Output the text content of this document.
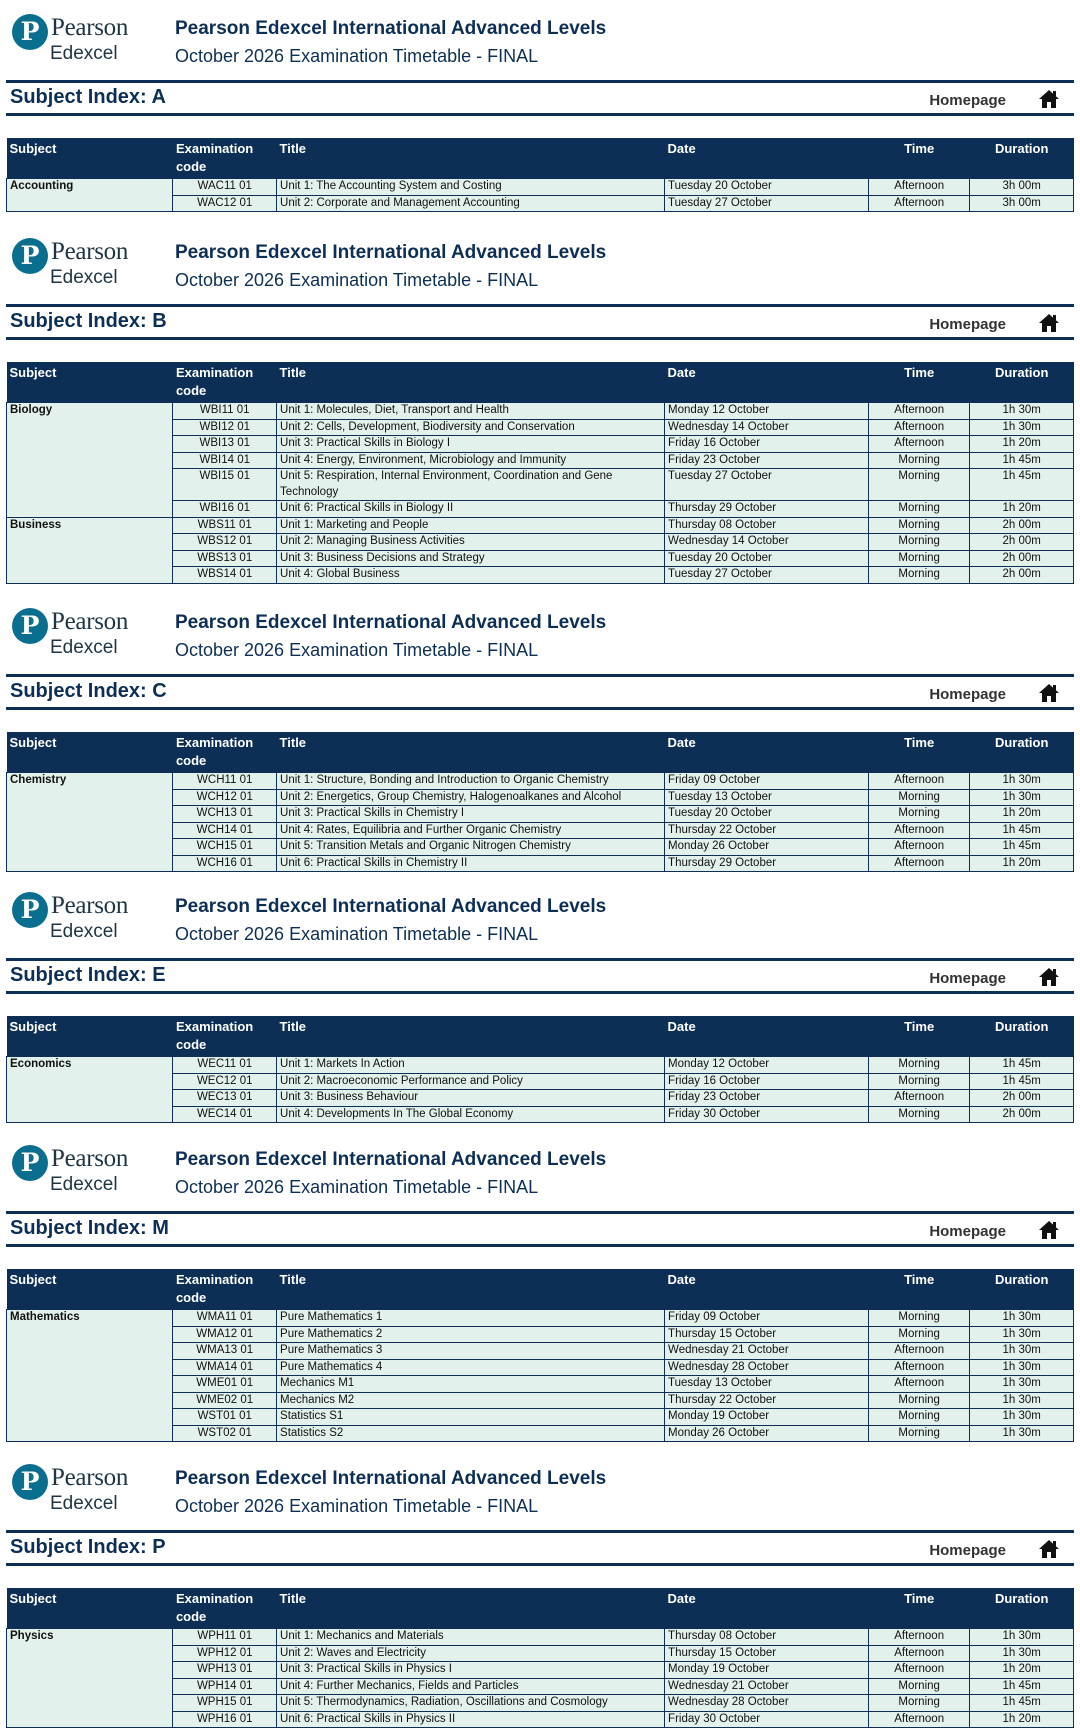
P Pearson
Edexcel
Pearson Edexcel International Advanced Levels
October 2026 Examination Timetable - FINAL
Subject Index: A	Homepage
Subject	Examination code	Title	Date	Time	Duration
Accounting	WAC11 01	Unit 1: The Accounting System and Costing	Tuesday 20 October	Afternoon	3h 00m
	WAC12 01	Unit 2: Corporate and Management Accounting	Tuesday 27 October	Afternoon	3h 00m
P Pearson
Edexcel
Pearson Edexcel International Advanced Levels
October 2026 Examination Timetable - FINAL
Subject Index: B	Homepage
Subject	Examination code	Title	Date	Time	Duration
Biology	WBI11 01	Unit 1: Molecules, Diet, Transport and Health	Monday 12 October	Afternoon	1h 30m
	WBI12 01	Unit 2: Cells, Development, Biodiversity and Conservation	Wednesday 14 October	Afternoon	1h 30m
	WBI13 01	Unit 3: Practical Skills in Biology I	Friday 16 October	Afternoon	1h 20m
	WBI14 01	Unit 4: Energy, Environment, Microbiology and Immunity	Friday 23 October	Morning	1h 45m
	WBI15 01	Unit 5: Respiration, Internal Environment, Coordination and Gene Technology	Tuesday 27 October	Morning	1h 45m
	WBI16 01	Unit 6: Practical Skills in Biology II	Thursday 29 October	Morning	1h 20m
Business	WBS11 01	Unit 1: Marketing and People	Thursday 08 October	Morning	2h 00m
	WBS12 01	Unit 2: Managing Business Activities	Wednesday 14 October	Morning	2h 00m
	WBS13 01	Unit 3: Business Decisions and Strategy	Tuesday 20 October	Morning	2h 00m
	WBS14 01	Unit 4: Global Business	Tuesday 27 October	Morning	2h 00m
P Pearson
Edexcel
Pearson Edexcel International Advanced Levels
October 2026 Examination Timetable - FINAL
Subject Index: C	Homepage
Subject	Examination code	Title	Date	Time	Duration
Chemistry	WCH11 01	Unit 1: Structure, Bonding and Introduction to Organic Chemistry	Friday 09 October	Afternoon	1h 30m
	WCH12 01	Unit 2: Energetics, Group Chemistry, Halogenoalkanes and Alcohol	Tuesday 13 October	Morning	1h 30m
	WCH13 01	Unit 3: Practical Skills in Chemistry I	Tuesday 20 October	Morning	1h 20m
	WCH14 01	Unit 4: Rates, Equilibria and Further Organic Chemistry	Thursday 22 October	Afternoon	1h 45m
	WCH15 01	Unit 5: Transition Metals and Organic Nitrogen Chemistry	Monday 26 October	Afternoon	1h 45m
	WCH16 01	Unit 6: Practical Skills in Chemistry II	Thursday 29 October	Afternoon	1h 20m
P Pearson
Edexcel
Pearson Edexcel International Advanced Levels
October 2026 Examination Timetable - FINAL
Subject Index: E	Homepage
Subject	Examination code	Title	Date	Time	Duration
Economics	WEC11 01	Unit 1: Markets In Action	Monday 12 October	Morning	1h 45m
	WEC12 01	Unit 2: Macroeconomic Performance and Policy	Friday 16 October	Morning	1h 45m
	WEC13 01	Unit 3: Business Behaviour	Friday 23 October	Afternoon	2h 00m
	WEC14 01	Unit 4: Developments In The Global Economy	Friday 30 October	Morning	2h 00m
P Pearson
Edexcel
Pearson Edexcel International Advanced Levels
October 2026 Examination Timetable - FINAL
Subject Index: M	Homepage
Subject	Examination code	Title	Date	Time	Duration
Mathematics	WMA11 01	Pure Mathematics 1	Friday 09 October	Morning	1h 30m
	WMA12 01	Pure Mathematics 2	Thursday 15 October	Morning	1h 30m
	WMA13 01	Pure Mathematics 3	Wednesday 21 October	Afternoon	1h 30m
	WMA14 01	Pure Mathematics 4	Wednesday 28 October	Afternoon	1h 30m
	WME01 01	Mechanics M1	Tuesday 13 October	Afternoon	1h 30m
	WME02 01	Mechanics M2	Thursday 22 October	Morning	1h 30m
	WST01 01	Statistics S1	Monday 19 October	Morning	1h 30m
	WST02 01	Statistics S2	Monday 26 October	Morning	1h 30m
P Pearson
Edexcel
Pearson Edexcel International Advanced Levels
October 2026 Examination Timetable - FINAL
Subject Index: P	Homepage
Subject	Examination code	Title	Date	Time	Duration
Physics	WPH11 01	Unit 1: Mechanics and Materials	Thursday 08 October	Afternoon	1h 30m
	WPH12 01	Unit 2: Waves and Electricity	Thursday 15 October	Afternoon	1h 30m
	WPH13 01	Unit 3: Practical Skills in Physics I	Monday 19 October	Afternoon	1h 20m
	WPH14 01	Unit 4: Further Mechanics, Fields and Particles	Wednesday 21 October	Morning	1h 45m
	WPH15 01	Unit 5: Thermodynamics, Radiation, Oscillations and Cosmology	Wednesday 28 October	Morning	1h 45m
	WPH16 01	Unit 6: Practical Skills in Physics II	Friday 30 October	Afternoon	1h 20m
